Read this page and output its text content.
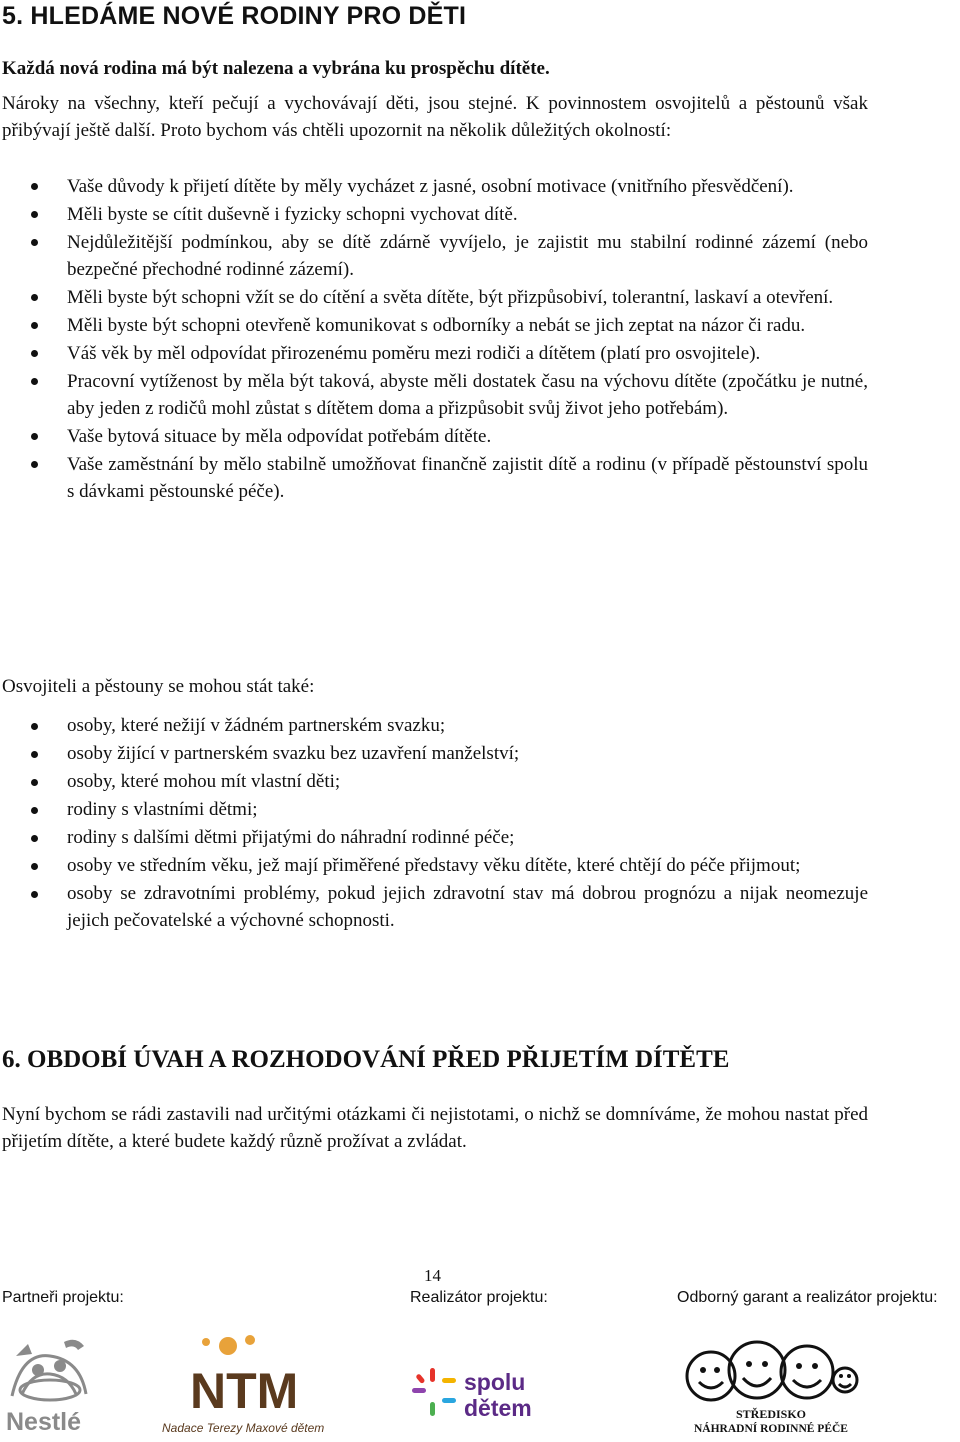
5. HLEDÁME NOVÉ RODINY PRO DĚTI

Každá nová rodina má být nalezena a vybrána ku prospěchu dítěte.

Nároky na všechny, kteří pečují a vychovávají děti, jsou stejné. K povinnostem osvojitelů a pěstounů však přibývají ještě další. Proto bychom vás chtěli upozornit na několik důležitých okolností:

Vaše důvody k přijetí dítěte by měly vycházet z jasné, osobní motivace (vnitřního přesvědčení).
Měli byste se cítit duševně i fyzicky schopni vychovat dítě.
Nejdůležitější podmínkou, aby se dítě zdárně vyvíjelo, je zajistit mu stabilní rodinné zázemí (nebo bezpečné přechodné rodinné zázemí).
Měli byste být schopni vžít se do cítění a světa dítěte, být přizpůsobiví, tolerantní, laskaví a otevření.
Měli byste být schopni otevřeně komunikovat s odborníky a nebát se jich zeptat na názor či radu.
Váš věk by měl odpovídat přirozenému poměru mezi rodiči a dítětem (platí pro osvojitele).
Pracovní vytíženost by měla být taková, abyste měli dostatek času na výchovu dítěte (zpočátku je nutné, aby jeden z rodičů mohl zůstat s dítětem doma a přizpůsobit svůj život jeho potřebám).
Vaše bytová situace by měla odpovídat potřebám dítěte.
Vaše zaměstnání by mělo stabilně umožňovat finančně zajistit dítě a rodinu (v případě pěstounství spolu s dávkami pěstounské péče).

Osvojiteli a pěstouny se mohou stát také:

osoby, které nežijí v žádném partnerském svazku;
osoby žijící v partnerském svazku bez uzavření manželství;
osoby, které mohou mít vlastní děti;
rodiny s vlastními dětmi;
rodiny s dalšími dětmi přijatými do náhradní rodinné péče;
osoby ve středním věku, jež mají přiměřené představy věku dítěte, které chtějí do péče přijmout;
osoby se zdravotními problémy, pokud jejich zdravotní stav má dobrou prognózu a nijak neomezuje jejich pečovatelské a výchovné schopnosti.
6. OBDOBÍ ÚVAH A ROZHODOVÁNÍ PŘED PŘIJETÍM DÍTĚTE

Nyní bychom se rádi zastavili nad určitými otázkami či nejistotami, o nichž se domníváme, že mohou nastat před přijetím dítěte, a které budete každý různě prožívat a zvládat.

14
Partneři projektu:	Realizátor projektu:	Odborný garant a realizátor projektu:
Nestlé
NTM
Nadace Terezy Maxové dětem
spolu
dětem	STŘEDISKO
NÁHRADNÍ RODINNÉ PÉČE
